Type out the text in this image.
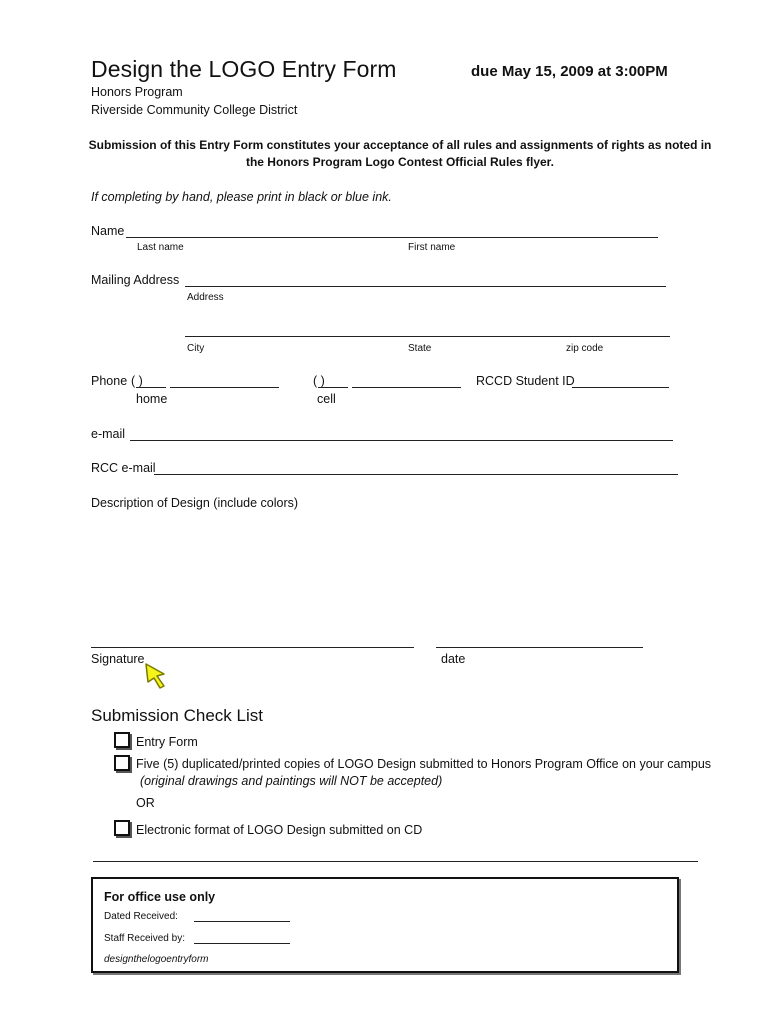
Design the LOGO Entry Form	due May 15, 2009 at 3:00PM
Honors Program
Riverside Community College District
Submission of this Entry Form constitutes your acceptance of all rules and assignments of rights as noted in
the Honors Program Logo Contest Official Rules flyer.
If completing by hand, please print in black or blue ink.
Name
Last name	First name
Mailing Address
Address
City	State	zip code
Phone ( )
home
( )
cell
RCCD Student ID
e-mail
RCC e-mail
Description of Design (include colors)
Signature	date
Submission Check List
Entry Form
Five (5) duplicated/printed copies of LOGO Design submitted to Honors Program Office on your campus
(original drawings and paintings will NOT be accepted)
OR
Electronic format of LOGO Design submitted on CD
For office use only
Dated Received:
Staff Received by:
designthelogoentryform
